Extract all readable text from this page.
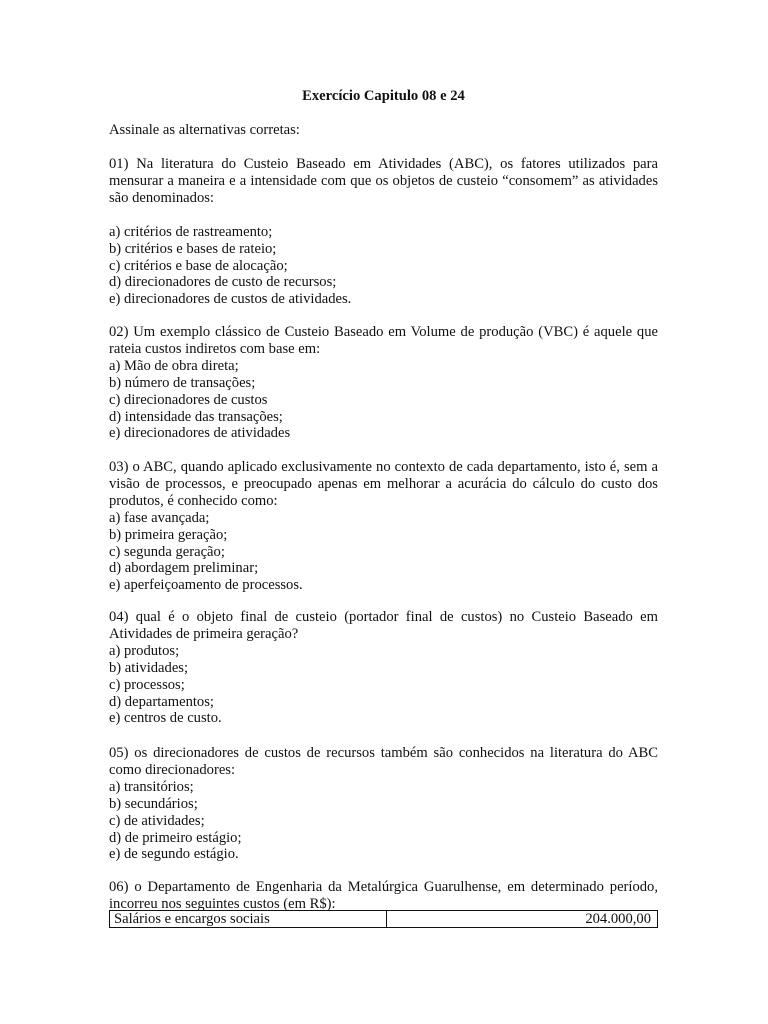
Exercício Capitulo 08 e 24
Assinale as alternativas corretas:

01) Na literatura do Custeio Baseado em Atividades (ABC), os fatores utilizados para mensurar a maneira e a intensidade com que os objetos de custeio “consomem” as atividades são denominados:

a) critérios de rastreamento;

b) critérios e bases de rateio;

c) critérios e base de alocação;

d) direcionadores de custo de recursos;

e) direcionadores de custos de atividades.

02) Um exemplo clássico de Custeio Baseado em Volume de produção (VBC) é aquele que rateia custos indiretos com base em:

a) Mão de obra direta;

b) número de transações;

c) direcionadores de custos

d) intensidade das transações;

e) direcionadores de atividades

03) o ABC, quando aplicado exclusivamente no contexto de cada departamento, isto é, sem a visão de processos, e preocupado apenas em melhorar a acurácia do cálculo do custo dos produtos, é conhecido como:

a) fase avançada;

b) primeira geração;

c) segunda geração;

d) abordagem preliminar;

e) aperfeiçoamento de processos.

04) qual é o objeto final de custeio (portador final de custos) no Custeio Baseado em Atividades de primeira geração?

a) produtos;

b) atividades;

c) processos;

d) departamentos;

e) centros de custo.

05) os direcionadores de custos de recursos também são conhecidos na literatura do ABC como direcionadores:

a) transitórios;

b) secundários;

c) de atividades;

d) de primeiro estágio;

e) de segundo estágio.

06) o Departamento de Engenharia da Metalúrgica Guarulhense, em determinado período, incorreu nos seguintes custos (em R$):

Salários e encargos sociais	204.000,00
